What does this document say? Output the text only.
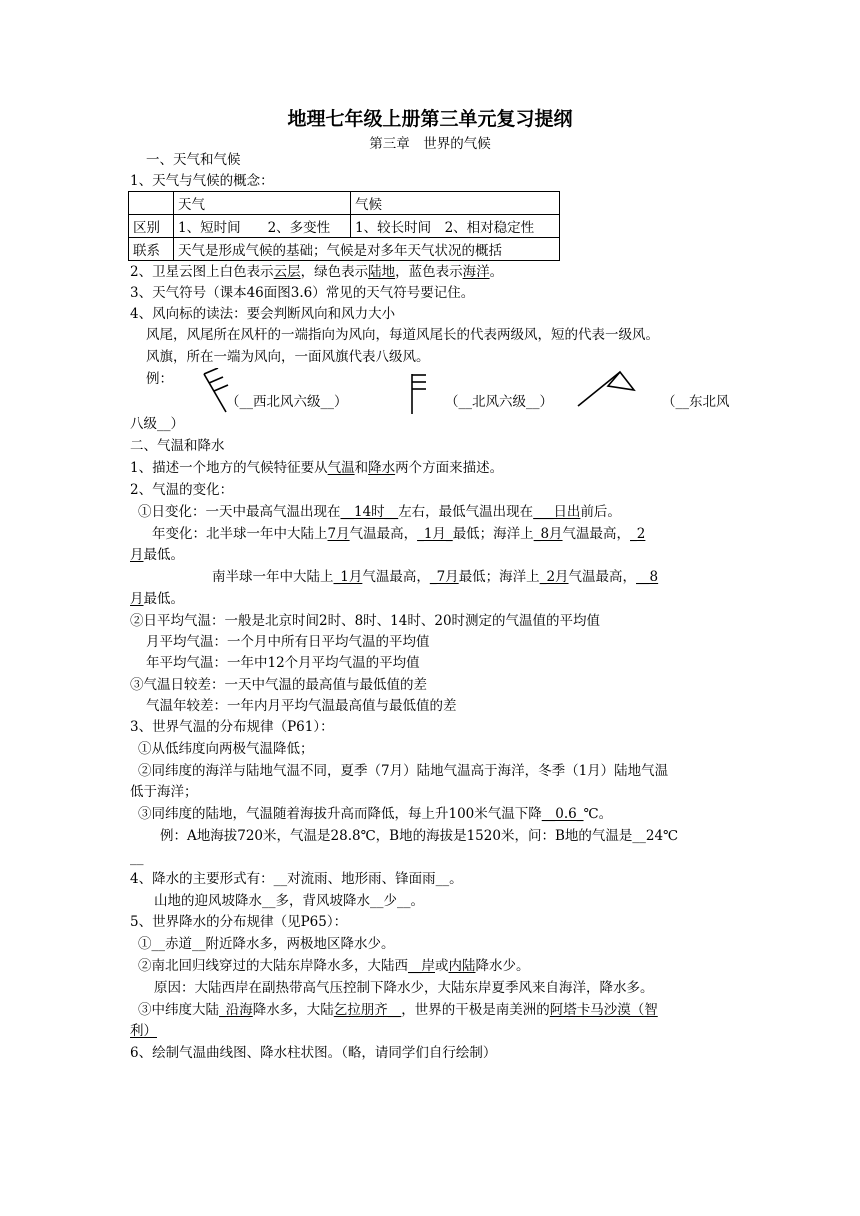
地理七年级上册第三单元复习提纲
第三章　世界的气候
一、天气和气候
1、天气与气候的概念：
	天气	气候
区别	1、短时间　　2、多变性	1、较长时间　2、相对稳定性
联系	天气是形成气候的基础；气候是对多年天气状况的概括	
2、卫星云图上白色表示云层，绿色表示陆地，蓝色表示海洋。
3、天气符号（课本46面图3.6）常见的天气符号要记住。
4、风向标的读法：要会判断风向和风力大小
风尾，风尾所在风杆的一端指向为风向，每道风尾长的代表两级风，短的代表一级风。
风旗，所在一端为风向，一面风旗代表八级风。
例：
（__西北风六级__）	（__北风六级__）	（__东北风
八级__）
二、气温和降水
1、描述一个地方的气候特征要从气温和降水两个方面来描述。
2、气温的变化：
①日变化：一天中最高气温出现在__14时__左右，最低气温出现在___日出前后。
年变化：北半球一年中大陆上7月气温最高，_1月_最低；海洋上_8月气温最高，_2
月最低。
南半球一年中大陆上_1月气温最高，_7月最低；海洋上_2月气温最高，__8
月最低。
②日平均气温：一般是北京时间2时、8时、14时、20时测定的气温值的平均值
月平均气温：一个月中所有日平均气温的平均值
年平均气温：一年中12个月平均气温的平均值
③气温日较差：一天中气温的最高值与最低值的差
气温年较差：一年内月平均气温最高值与最低值的差
3、世界气温的分布规律（P61）：
①从低纬度向两极气温降低；
②同纬度的海洋与陆地气温不同，夏季（7月）陆地气温高于海洋，冬季（1月）陆地气温
低于海洋；
③同纬度的陆地，气温随着海拔升高而降低，每上升100米气温下降__0.6_℃。
例：A地海拔720米，气温是28.8℃，B地的海拔是1520米，问：B地的气温是__24℃
__
4、降水的主要形式有：__对流雨、地形雨、锋面雨__。
山地的迎风坡降水__多，背风坡降水__少__。
5、世界降水的分布规律（见P65）：
①__赤道__附近降水多，两极地区降水少。
②南北回归线穿过的大陆东岸降水多，大陆西__岸或内陆降水少。
原因：大陆西岸在副热带高气压控制下降水少，大陆东岸夏季风来自海洋，降水多。
③中纬度大陆_沿海降水多，大陆乞拉朋齐__，世界的干极是南美洲的阿塔卡马沙漠（智
利）
6、绘制气温曲线图、降水柱状图。（略，请同学们自行绘制）
